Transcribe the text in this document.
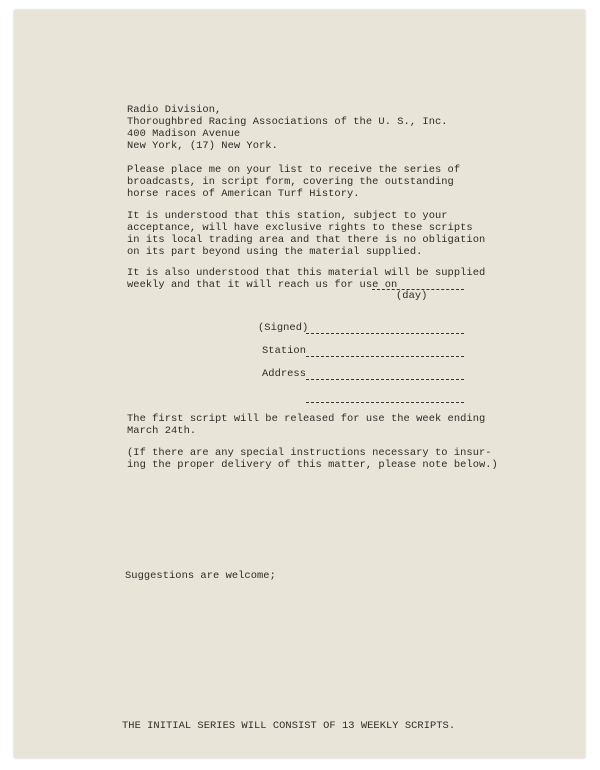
Radio Division,
Thoroughbred Racing Associations of the U. S., Inc.
400 Madison Avenue
New York, (17) New York.
Please place me on your list to receive the series of
broadcasts, in script form, covering the outstanding
horse races of American Turf History.
It is understood that this station, subject to your
acceptance, will have exclusive rights to these scripts
in its local trading area and that there is no obligation
on its part beyond using the material supplied.
It is also understood that this material will be supplied
weekly and that it will reach us for use on
(day)
(Signed)
Station
Address
The first script will be released for use the week ending
March 24th.
(If there are any special instructions necessary to insur-
ing the proper delivery of this matter, please note below.)
Suggestions are welcome;
THE INITIAL SERIES WILL CONSIST OF 13 WEEKLY SCRIPTS.
